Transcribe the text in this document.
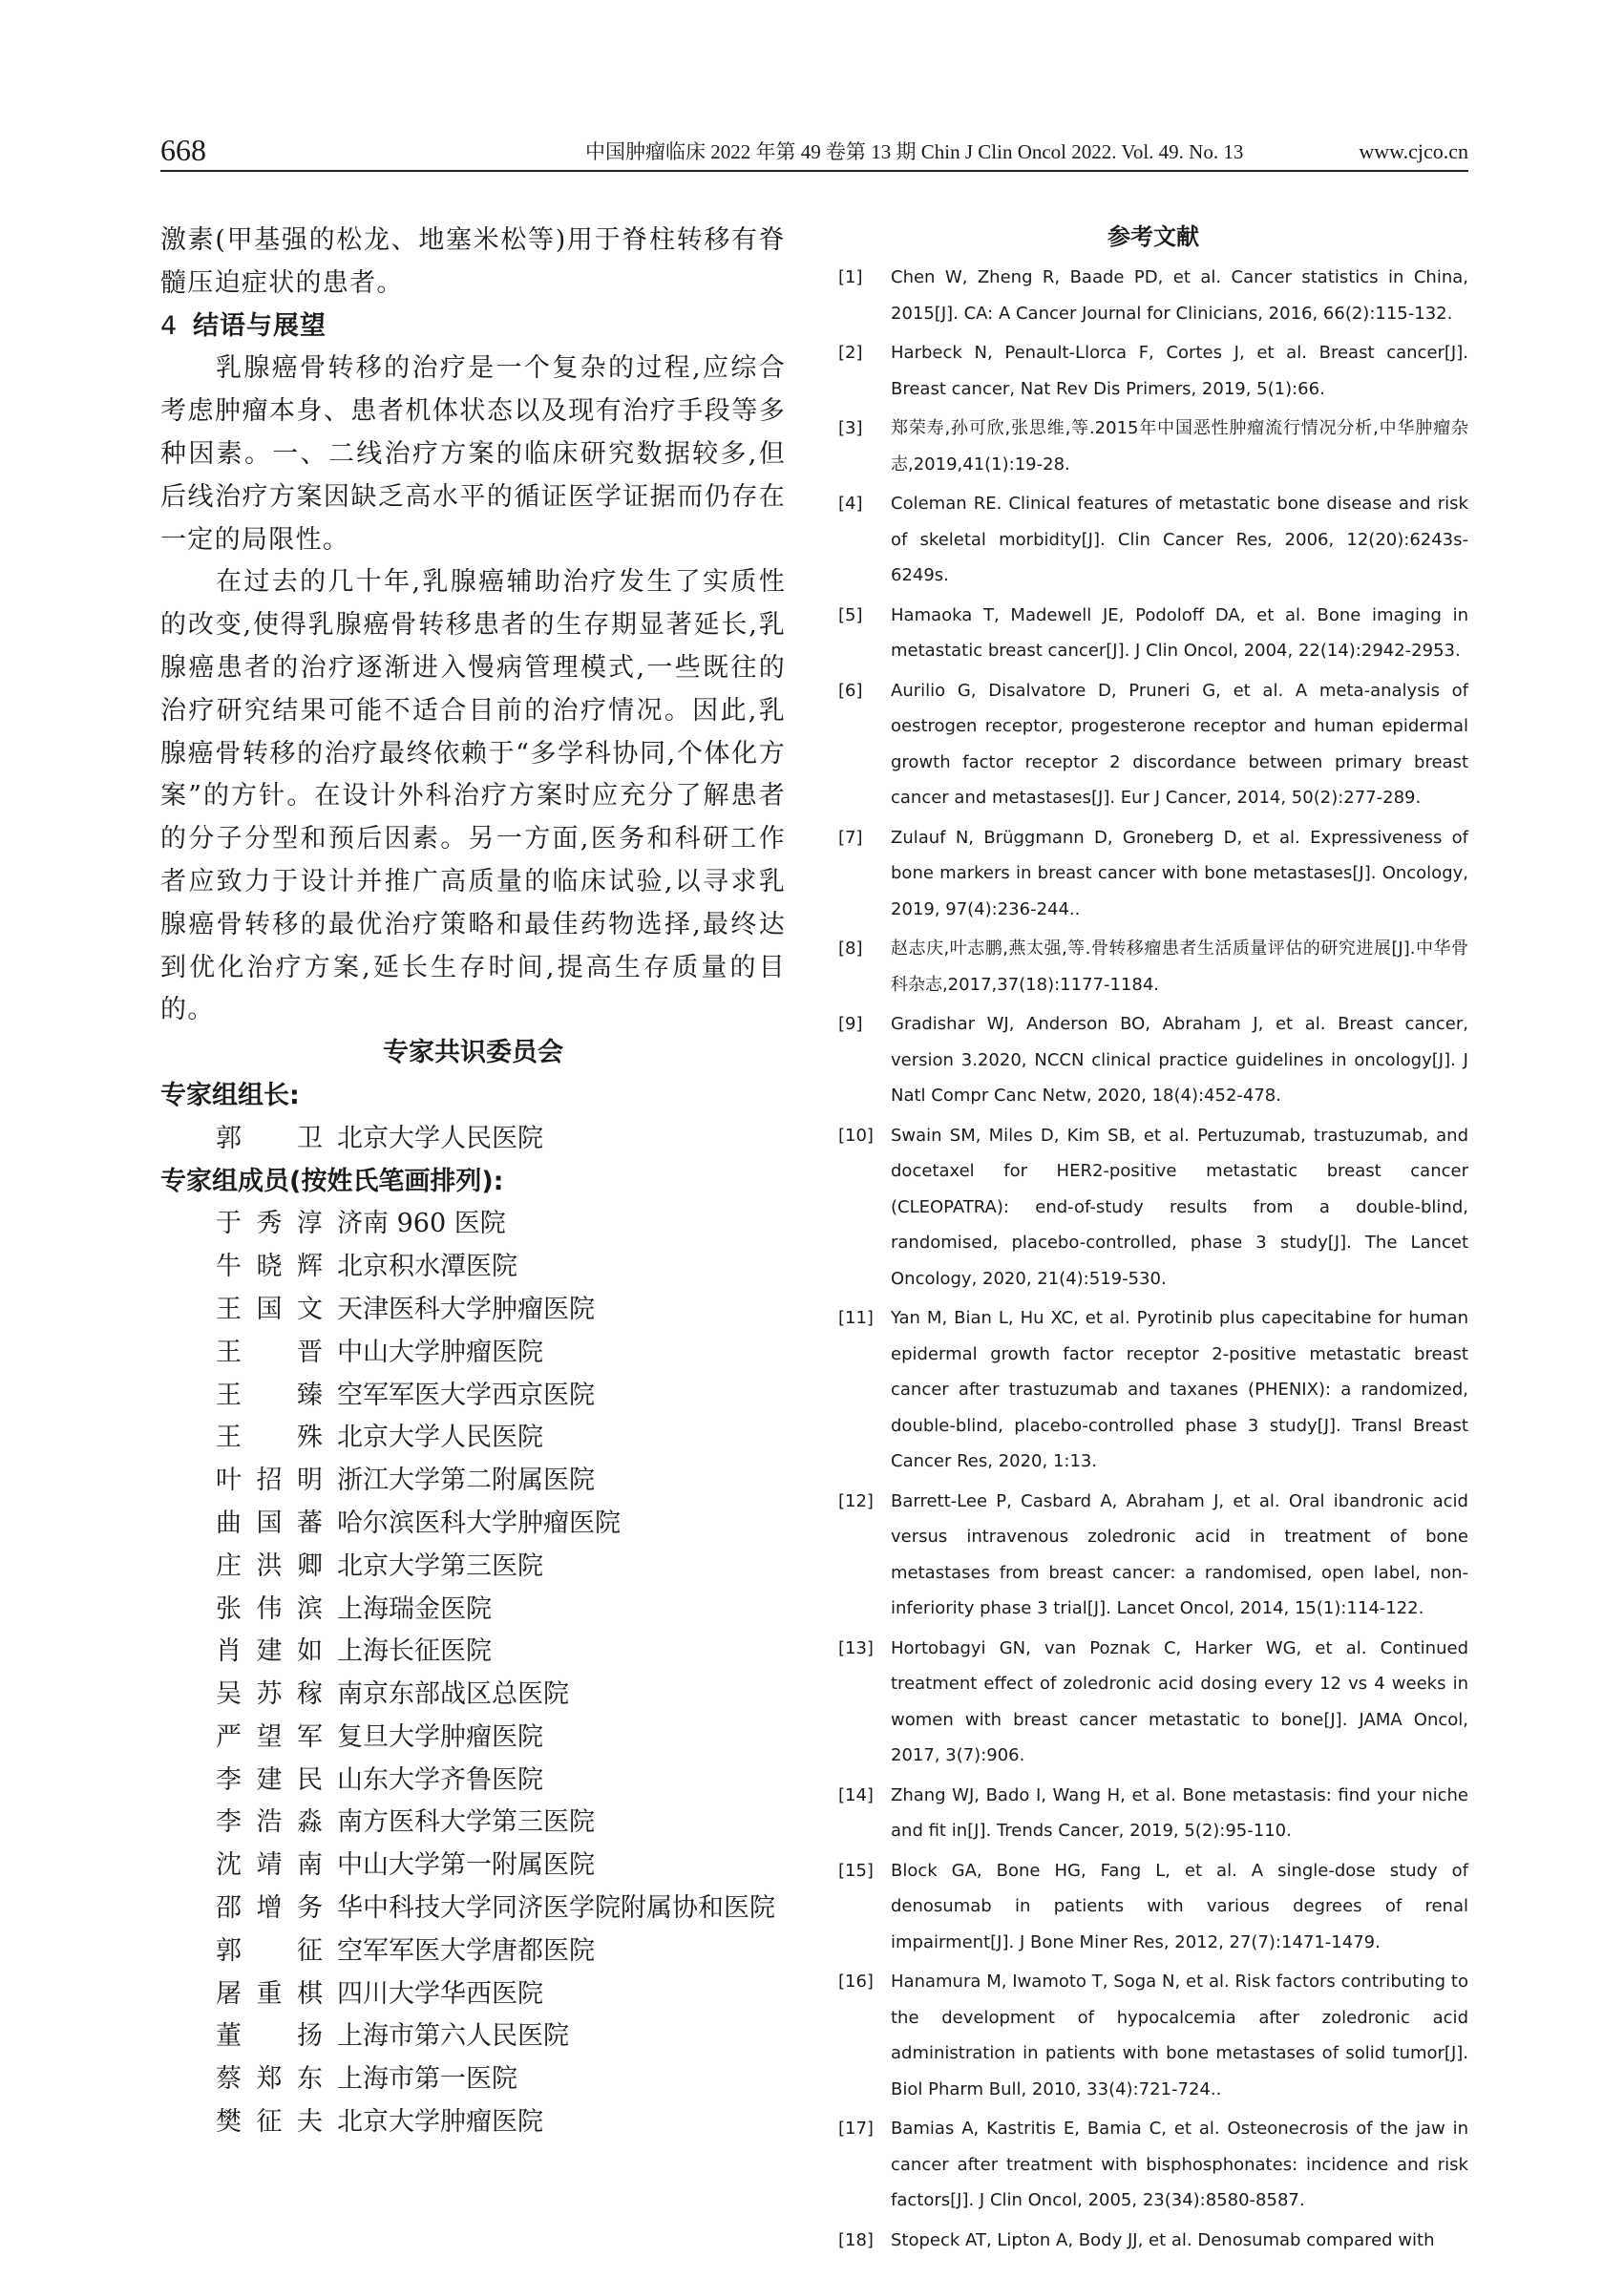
668	中国肿瘤临床 2022 年第 49 卷第 13 期 Chin J Clin Oncol 2022. Vol. 49. No. 13	www.cjco.cn

激素(甲基强的松龙、地塞米松等)用于脊柱转移有脊髓压迫症状的患者。

4 结语与展望

乳腺癌骨转移的治疗是一个复杂的过程,应综合考虑肿瘤本身、患者机体状态以及现有治疗手段等多种因素。一、二线治疗方案的临床研究数据较多,但后线治疗方案因缺乏高水平的循证医学证据而仍存在一定的局限性。

在过去的几十年,乳腺癌辅助治疗发生了实质性的改变,使得乳腺癌骨转移患者的生存期显著延长,乳腺癌患者的治疗逐渐进入慢病管理模式,一些既往的治疗研究结果可能不适合目前的治疗情况。因此,乳腺癌骨转移的治疗最终依赖于“多学科协同,个体化方案”的方针。在设计外科治疗方案时应充分了解患者的分子分型和预后因素。另一方面,医务和科研工作者应致力于设计并推广高质量的临床试验,以寻求乳腺癌骨转移的最优治疗策略和最佳药物选择,最终达到优化治疗方案,延长生存时间,提高生存质量的目的。

专家共识委员会

专家组组长:

郭卫 北京大学人民医院

专家组成员(按姓氏笔画排列):

于秀淳 济南 960 医院
牛晓辉 北京积水潭医院
王国文 天津医科大学肿瘤医院
王晋 中山大学肿瘤医院
王臻 空军军医大学西京医院
王殊 北京大学人民医院
叶招明 浙江大学第二附属医院
曲国蕃 哈尔滨医科大学肿瘤医院
庄洪卿 北京大学第三医院
张伟滨 上海瑞金医院
肖建如 上海长征医院
吴苏稼 南京东部战区总医院
严望军 复旦大学肿瘤医院
李建民 山东大学齐鲁医院
李浩淼 南方医科大学第三医院
沈靖南 中山大学第一附属医院
邵增务 华中科技大学同济医学院附属协和医院
郭征 空军军医大学唐都医院
屠重棋 四川大学华西医院
董扬 上海市第六人民医院
蔡郑东 上海市第一医院
樊征夫 北京大学肿瘤医院

参考文献

[1]	Chen W, Zheng R, Baade PD, et al. Cancer statistics in China, 2015[J]. CA: A Cancer Journal for Clinicians, 2016, 66(2):115-132.
[2]	Harbeck N, Penault-Llorca F, Cortes J, et al. Breast cancer[J]. Breast cancer, Nat Rev Dis Primers, 2019, 5(1):66.
[3]	郑荣寿,孙可欣,张思维,等.2015年中国恶性肿瘤流行情况分析,中华肿瘤杂志,2019,41(1):19-28.
[4]	Coleman RE. Clinical features of metastatic bone disease and risk of skeletal morbidity[J]. Clin Cancer Res, 2006, 12(20):6243s-6249s.
[5]	Hamaoka T, Madewell JE, Podoloff DA, et al. Bone imaging in metastatic breast cancer[J]. J Clin Oncol, 2004, 22(14):2942-2953.
[6]	Aurilio G, Disalvatore D, Pruneri G, et al. A meta-analysis of oestrogen receptor, progesterone receptor and human epidermal growth factor receptor 2 discordance between primary breast cancer and metastases[J]. Eur J Cancer, 2014, 50(2):277-289.
[7]	Zulauf N, Brüggmann D, Groneberg D, et al. Expressiveness of bone markers in breast cancer with bone metastases[J]. Oncology, 2019, 97(4):236-244..
[8]	赵志庆,叶志鹏,燕太强,等.骨转移瘤患者生活质量评估的研究进展[J].中华骨科杂志,2017,37(18):1177-1184.
[9]	Gradishar WJ, Anderson BO, Abraham J, et al. Breast cancer, version 3.2020, NCCN clinical practice guidelines in oncology[J]. J Natl Compr Canc Netw, 2020, 18(4):452-478.
[10]	Swain SM, Miles D, Kim SB, et al. Pertuzumab, trastuzumab, and docetaxel for HER2-positive metastatic breast cancer (CLEOPATRA): end-of-study results from a double-blind, randomised, placebo-controlled, phase 3 study[J]. The Lancet Oncology, 2020, 21(4):519-530.
[11]	Yan M, Bian L, Hu XC, et al. Pyrotinib plus capecitabine for human epidermal growth factor receptor 2-positive metastatic breast cancer after trastuzumab and taxanes (PHENIX): a randomized, double-blind, placebo-controlled phase 3 study[J]. Transl Breast Cancer Res, 2020, 1:13.
[12]	Barrett-Lee P, Casbard A, Abraham J, et al. Oral ibandronic acid versus intravenous zoledronic acid in treatment of bone metastases from breast cancer: a randomised, open label, non-inferiority phase 3 trial[J]. Lancet Oncol, 2014, 15(1):114-122.
[13]	Hortobagyi GN, van Poznak C, Harker WG, et al. Continued treatment effect of zoledronic acid dosing every 12 vs 4 weeks in women with breast cancer metastatic to bone[J]. JAMA Oncol, 2017, 3(7):906.
[14]	Zhang WJ, Bado I, Wang H, et al. Bone metastasis: find your niche and fit in[J]. Trends Cancer, 2019, 5(2):95-110.
[15]	Block GA, Bone HG, Fang L, et al. A single-dose study of denosumab in patients with various degrees of renal impairment[J]. J Bone Miner Res, 2012, 27(7):1471-1479.
[16]	Hanamura M, Iwamoto T, Soga N, et al. Risk factors contributing to the development of hypocalcemia after zoledronic acid administration in patients with bone metastases of solid tumor[J]. Biol Pharm Bull, 2010, 33(4):721-724..
[17]	Bamias A, Kastritis E, Bamia C, et al. Osteonecrosis of the jaw in cancer after treatment with bisphosphonates: incidence and risk factors[J]. J Clin Oncol, 2005, 23(34):8580-8587.
[18]	Stopeck AT, Lipton A, Body JJ, et al. Denosumab compared with
